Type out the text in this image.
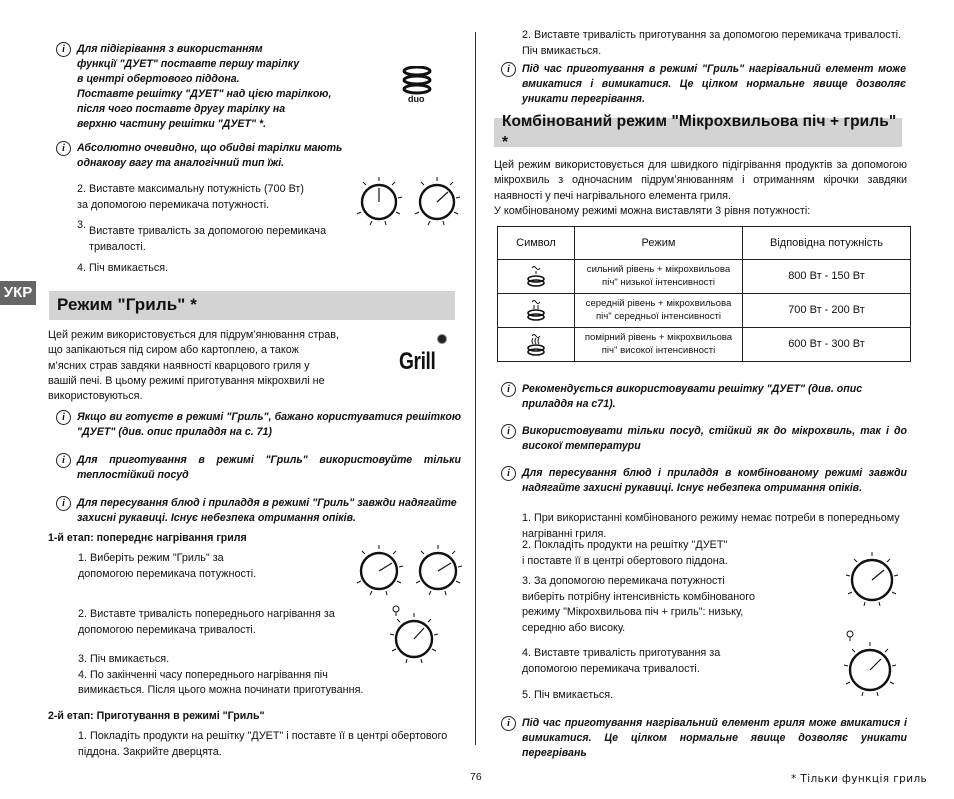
УКР
i	Для підігрівання з використанням
функції "ДУЕТ" поставте першу тарілку
в центрі обертового піддона.
Поставте решітку "ДУЕТ" над цією тарілкою,
після чого поставте другу тарілку на
верхню частину решітки "ДУЕТ" *.
duo
i	Абсолютно очевидно, що обидві тарілки мають
однакову вагу та аналогічний тип їжі.
2. Виставте максимальну потужність (700 Вт)
за допомогою перемикача потужності.
3. Виставте тривалість за допомогою перемикача
тривалості.
4. Піч вмикається.
Режим "Гриль" *
Цей режим використовується для підрум’янювання страв,
що запікаються під сиром або картоплею, а також
м’ясних страв завдяки наявності кварцового гриля у
вашій печі. В цьому режимі приготування мікрохвилі не
використовуються.
Grill
i	Якщо ви готуєте в режимі "Гриль", бажано користуватися решіткою "ДУЕТ" (див. опис приладдя на с. 71)
i	Для приготування в режимі "Гриль" використовуйте тільки теплостійкий посуд
i	Для пересування блюд і приладдя в режимі "Гриль" завжди надягайте захисні рукавиці. Існує небезпека отримання опіків.
1-й етап: попереднє нагрівання гриля
1. Виберіть режим "Гриль" за
допомогою перемикача потужності.
2. Виставте тривалість попереднього нагрівання за
допомогою перемикача тривалості.
3. Піч вмикається.
4. По закінченні часу попереднього нагрівання піч
вимикається. Після цього можна починати приготування.
2-й етап: Приготування в режимі "Гриль"
1. Покладіть продукти на решітку "ДУЕТ" і поставте її в центрі обертового
піддона. Закрийте дверцята.
2. Виставте тривалість приготування за допомогою перемикача тривалості.
Піч вмикається.
i	Під час приготування в режимі "Гриль" нагрівальний елемент може вмикатися і вимикатися. Це цілком нормальне явище дозволяє уникати перегрівання.
Комбінований режим "Мікрохвильова піч + гриль" *
Цей режим використовується для швидкого підігрівання продуктів за допомогою мікрохвиль з одночасним підрум’янюванням і отриманням кірочки завдяки наявності у печі нагрівального елемента гриля.
У комбінованому режимі можна виставляти 3 рівня потужності:
Символ	Режим	Відповідна потужність

	сильний рівень + мікрохвильова
піч" низької інтенсивності	800 Вт - 150 Вт

	середній рівень + мікрохвильова
піч" середньої інтенсивності	700 Вт - 200 Вт

	помірний рівень + мікрохвильова
піч" високої інтенсивності	600 Вт - 300 Вт
i	Рекомендується використовувати решітку "ДУЕТ" (див. опис приладдя на с71).
i	Використовувати тільки посуд, стійкий як до мікрохвиль, так і до високої температури
i	Для пересування блюд і приладдя в комбінованому режимі завжди надягайте захисні рукавиці. Існує небезпека отримання опіків.
1. При використанні комбінованого режиму немає потреби в попередньому
нагріванні гриля.
2. Покладіть продукти на решітку "ДУЕТ"
і поставте її в центрі обертового піддона.
3. За допомогою перемикача потужності
виберіть потрібну інтенсивність комбінованого
режиму "Мікрохвильова піч + гриль": низьку,
середню або високу.
4. Виставте тривалість приготування за
допомогою перемикача тривалості.
5. Піч вмикається.
i	Під час приготування нагрівальний елемент гриля може вмикатися і вимикатися. Це цілком нормальне явище дозволяє уникати перегрівань
76	* Тільки функція гриль
